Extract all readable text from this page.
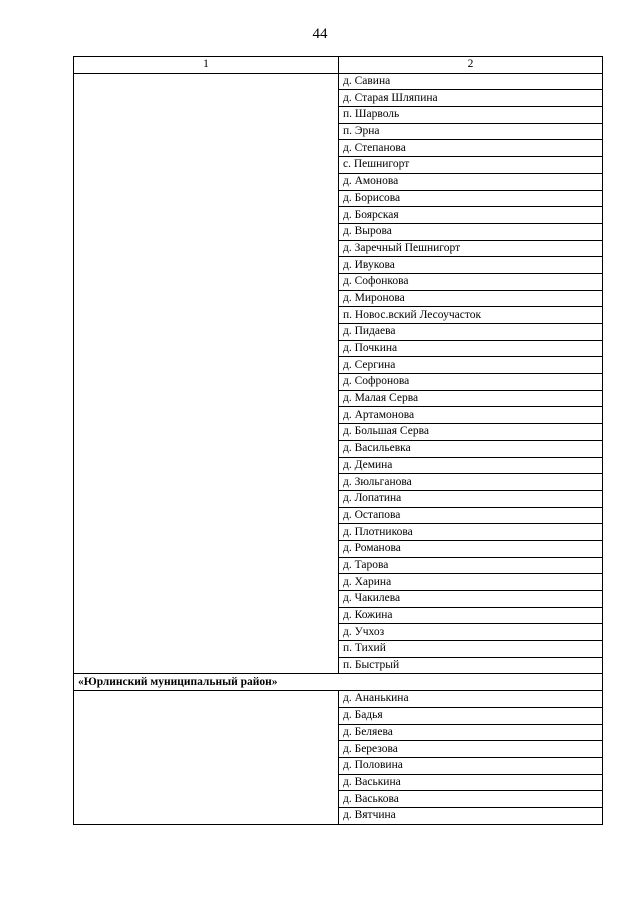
44
1	2
	д. Савина
	д. Старая Шляпина
	п. Шарволь
	п. Эрна
	д. Степанова
	с. Пешнигорт
	д. Амонова
	д. Борисова
	д. Боярская
	д. Вырова
	д. Заречный Пешнигорт
	д. Ивукова
	д. Софонкова
	д. Миронова
	п. Новос.вский Лесоучасток
	д. Пидаева
	д. Почкина
	д. Сергина
	д. Софронова
	д. Малая Серва
	д. Артамонова
	д. Большая Серва
	д. Васильевка
	д. Демина
	д. Зюльганова
	д. Лопатина
	д. Остапова
	д. Плотникова
	д. Романова
	д. Тарова
	д. Харина
	д. Чакилева
	д. Кожина
	д. Учхоз
	п. Тихий
	п. Быстрый
«Юрлинский муниципальный район»	
	д. Ананькина
	д. Бадья
	д. Беляева
	д. Березова
	д. Половина
	д. Васькина
	д. Васькова
	д. Вятчина
